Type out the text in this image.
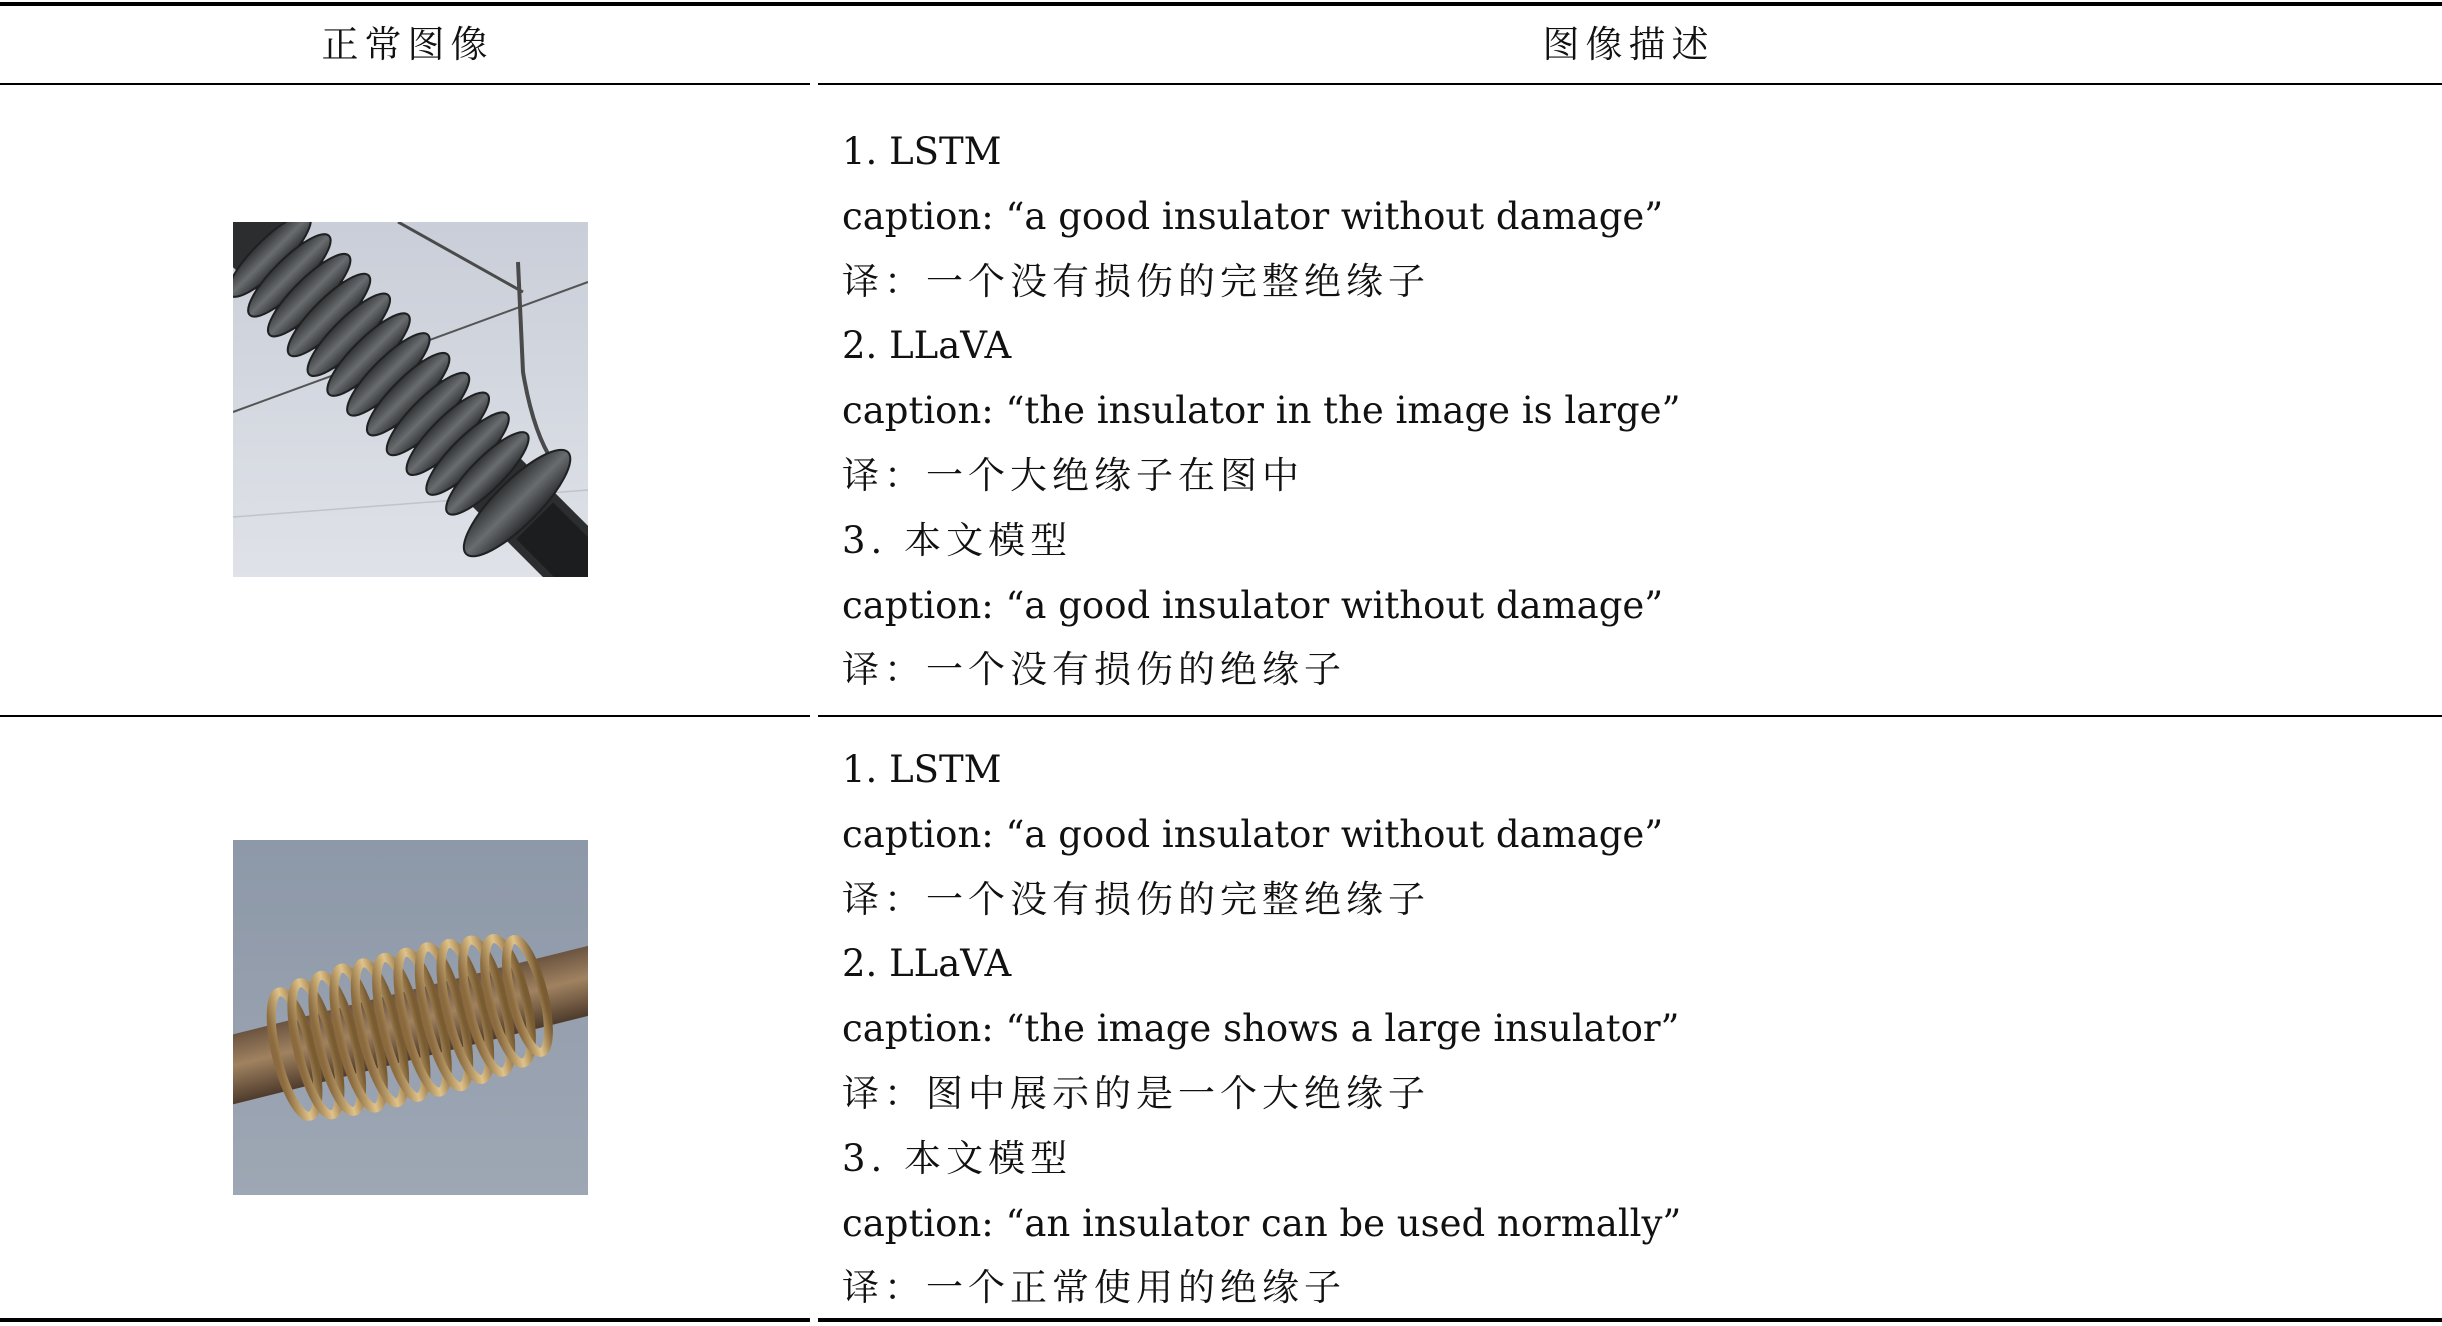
正常图像	图像描述
1. LSTM
caption: “a good insulator without damage”
译：一个没有损伤的完整绝缘子
2. LLaVA
caption: “the insulator in the image is large”
译：一个大绝缘子在图中
3. 本文模型
caption: “a good insulator without damage”
译：一个没有损伤的绝缘子
1. LSTM
caption: “a good insulator without damage”
译：一个没有损伤的完整绝缘子
2. LLaVA
caption: “the image shows a large insulator”
译：图中展示的是一个大绝缘子
3. 本文模型
caption: “an insulator can be used normally”
译：一个正常使用的绝缘子
